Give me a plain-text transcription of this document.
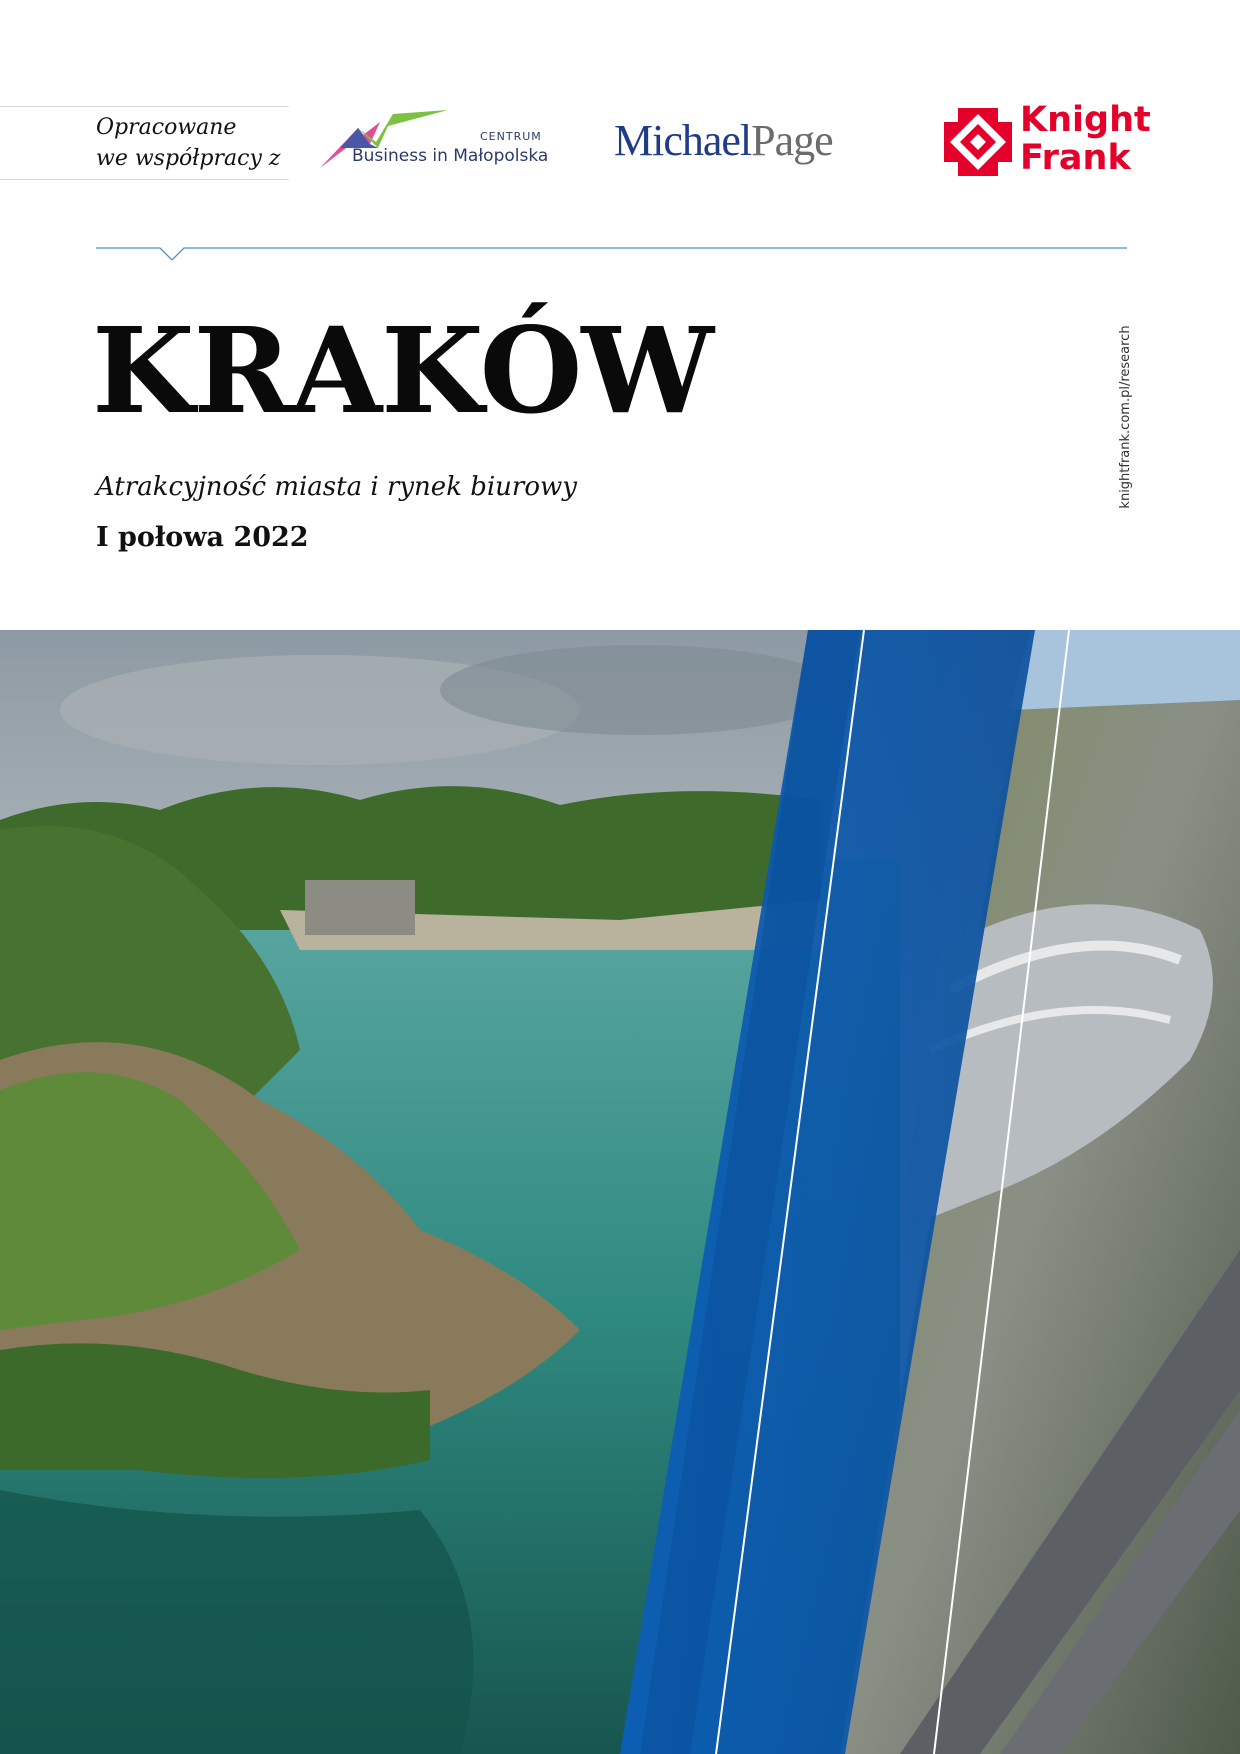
Opracowane
we współpracy z
CENTRUM
Business in Małopolska MichaelPage	Knight
Frank
KRAKÓW
Atrakcyjność miasta i rynek biurowy
I połowa 2022
knightfrank.com.pl/research
